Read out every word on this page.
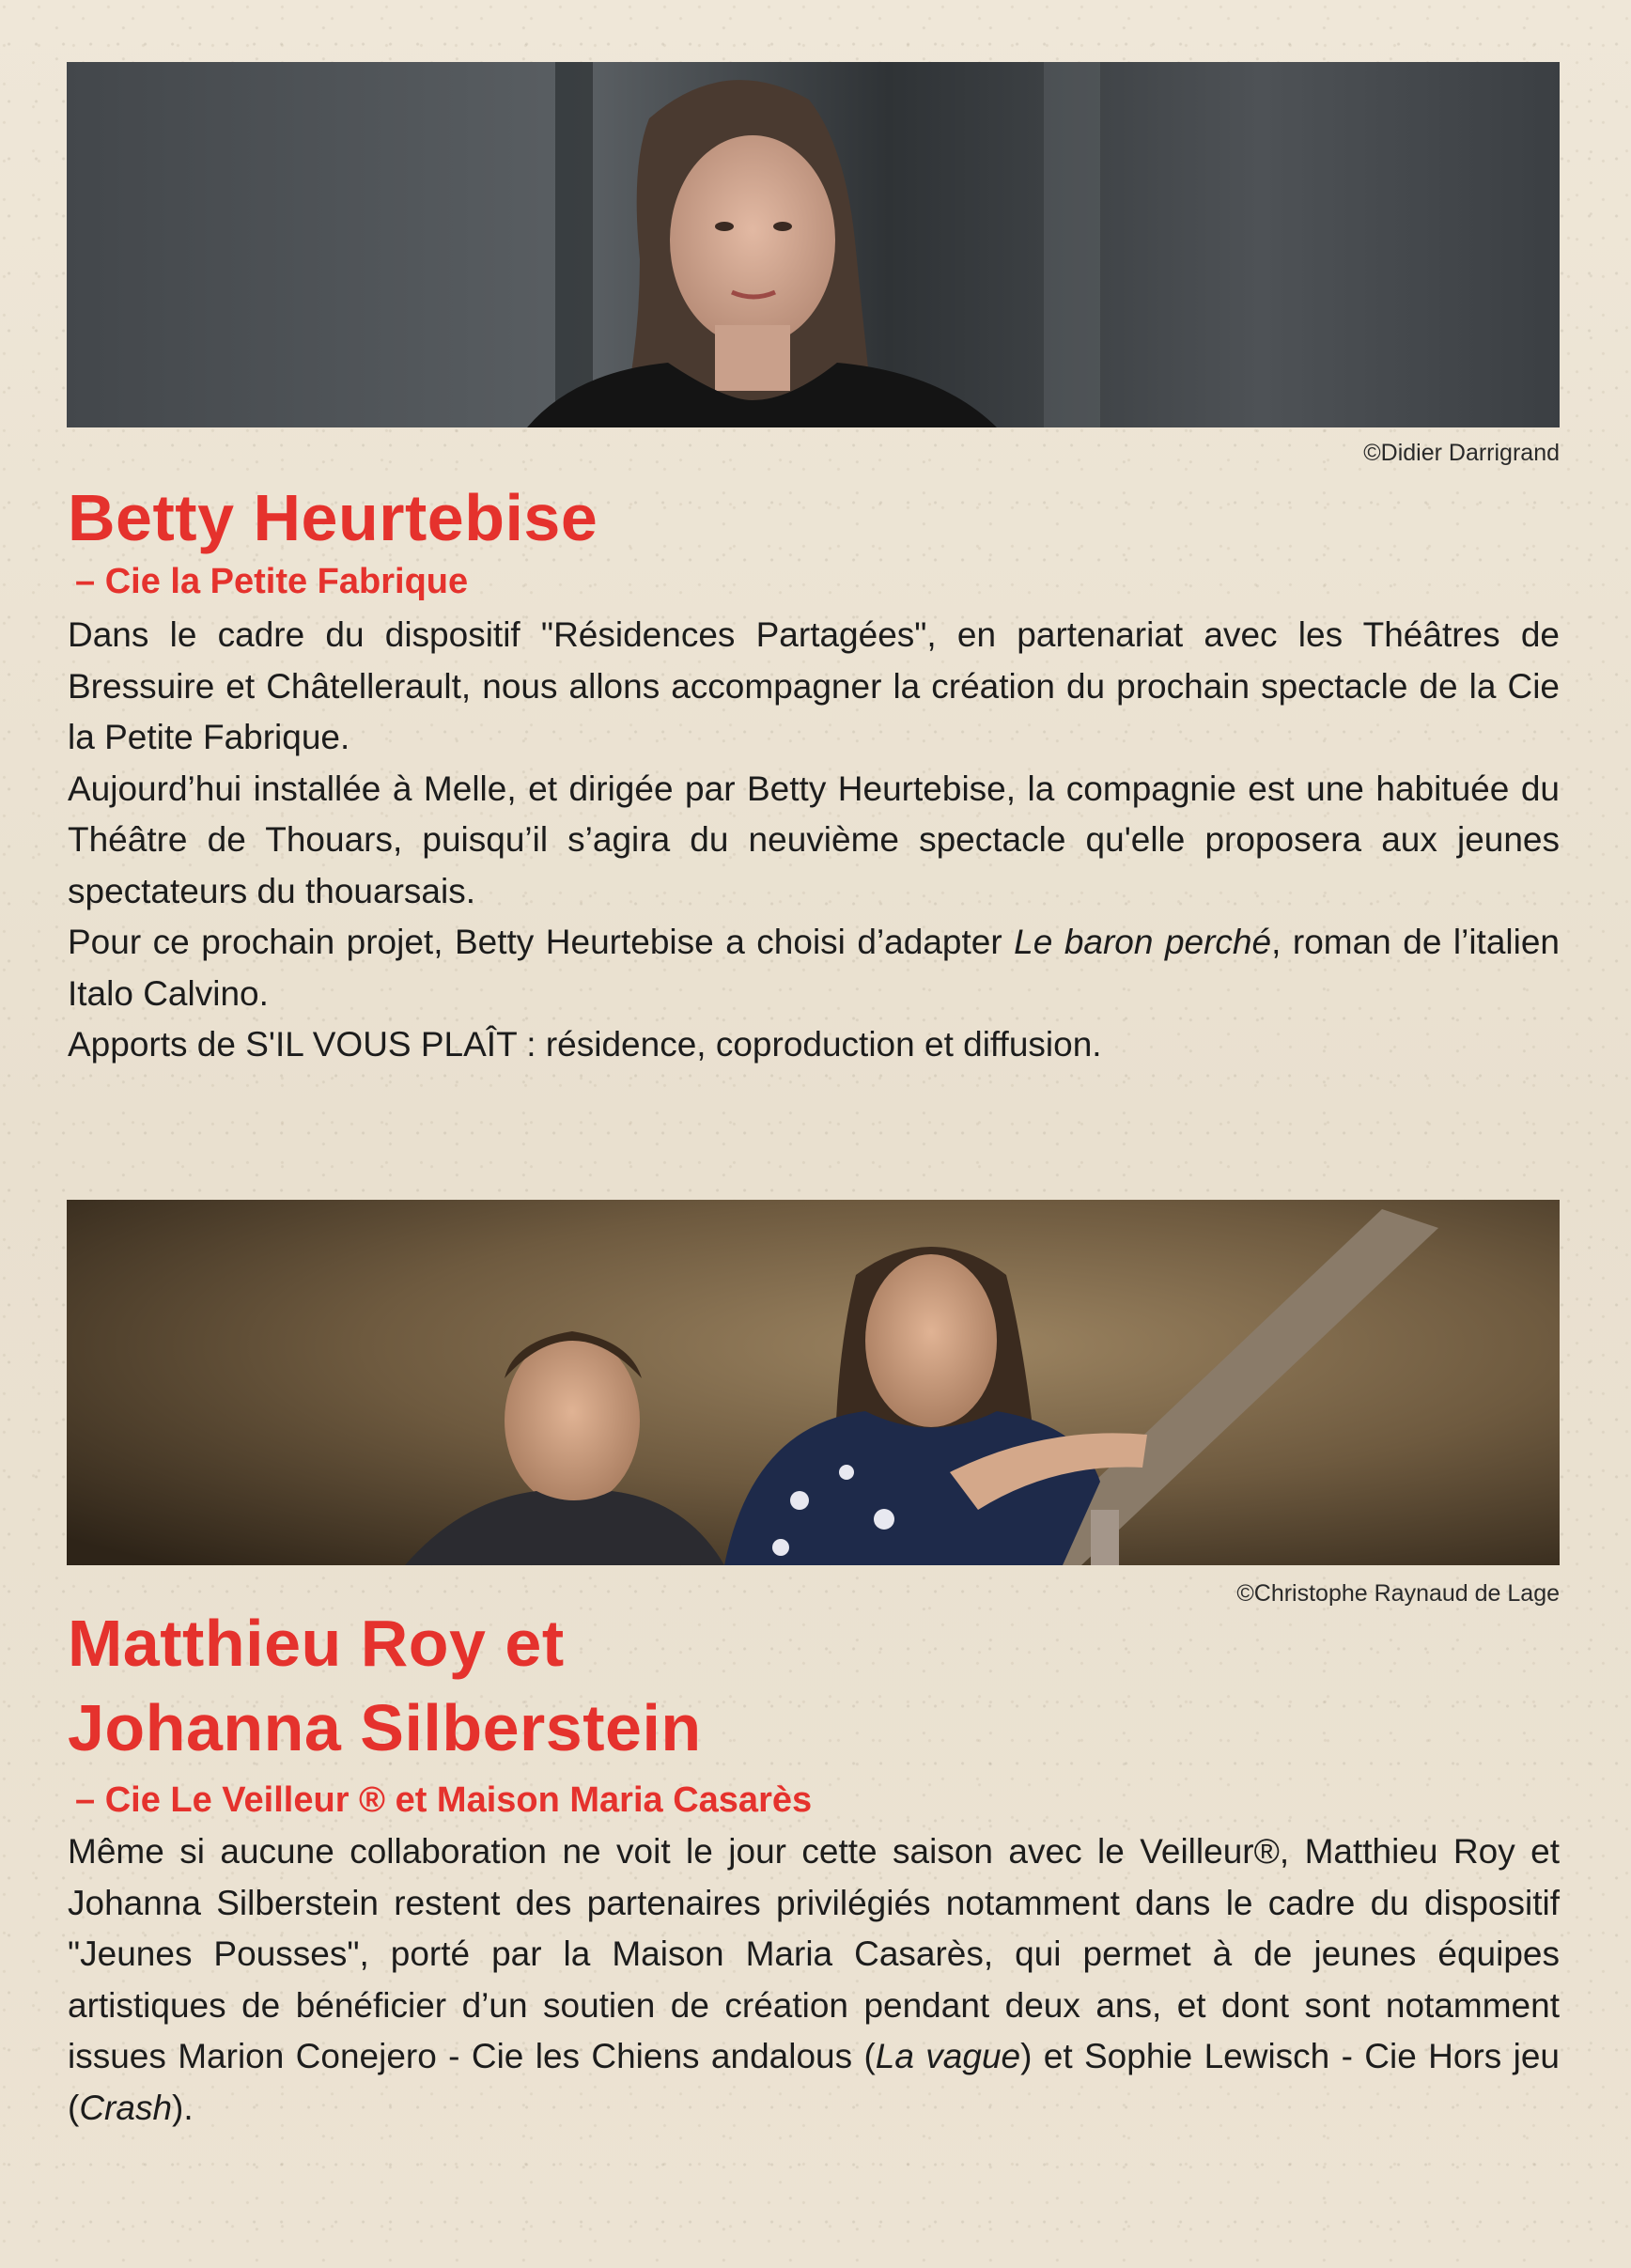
©Didier Darrigrand
Betty Heurtebise
– Cie la Petite Fabrique

Dans le cadre du dispositif "Résidences Partagées", en partenariat avec les Théâtres de Bressuire et Châtellerault, nous allons accompagner la création du prochain spectacle de la Cie la Petite Fabrique.

Aujourd’hui installée à Melle, et dirigée par Betty Heurtebise, la compagnie est une habituée du Théâtre de Thouars, puisqu’il s’agira du neuvième spectacle qu'elle proposera aux jeunes spectateurs du thouarsais.

Pour ce prochain projet, Betty Heurtebise a choisi d’adapter Le baron perché, roman de l’italien Italo Calvino.

Apports de S'IL VOUS PLAÎT : résidence, coproduction et diffusion.

©Christophe Raynaud de Lage
Matthieu Roy et
Johanna Silberstein
– Cie Le Veilleur ® et Maison Maria Casarès

Même si aucune collaboration ne voit le jour cette saison avec le Veilleur®, Matthieu Roy et Johanna Silberstein restent des partenaires privilégiés notamment dans le cadre du dispositif "Jeunes Pousses", porté par la Maison Maria Casarès, qui permet à de jeunes équipes artistiques de bénéficier d’un soutien de création pendant deux ans, et dont sont notamment issues Marion Conejero - Cie les Chiens andalous (La vague) et Sophie Lewisch - Cie Hors jeu (Crash).
